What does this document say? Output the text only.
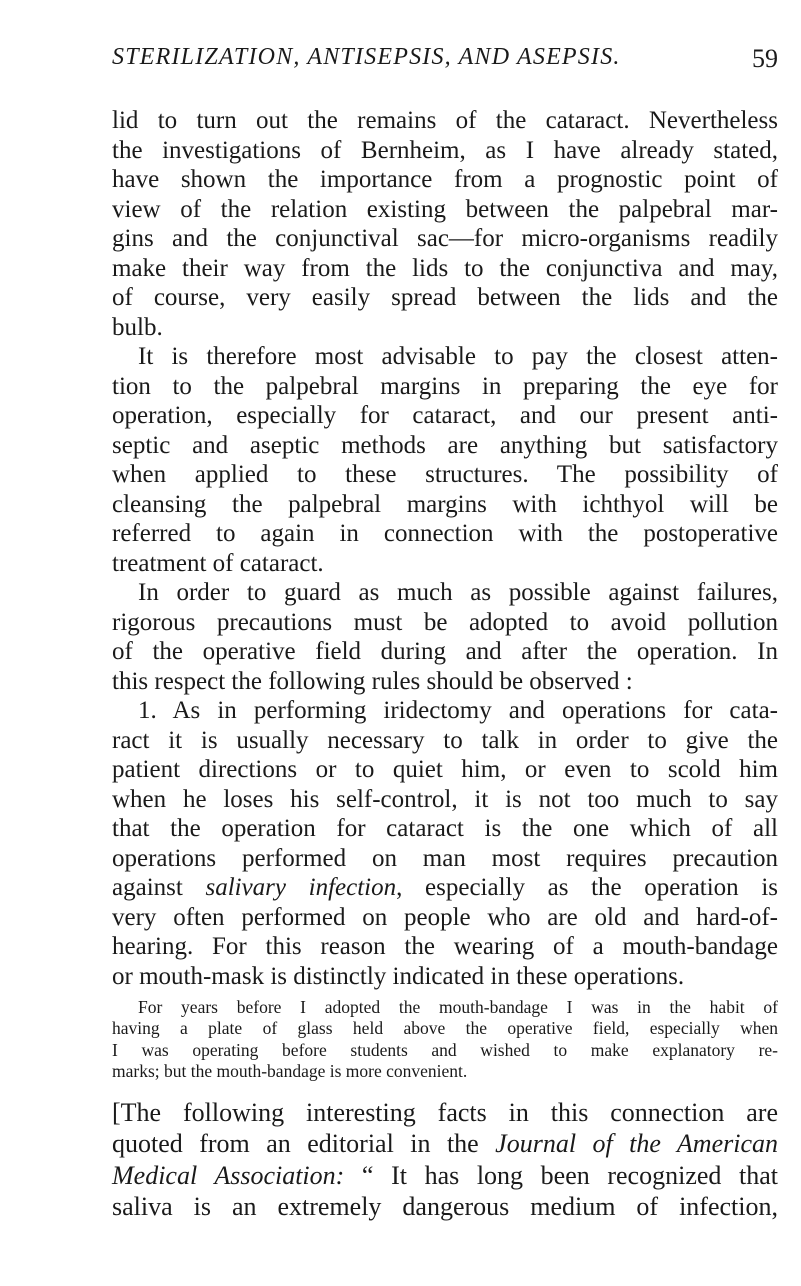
STERILIZATION, ANTISEPSIS, AND ASEPSIS.	59
lid to turn out the remains of the cataract. Nevertheless
the investigations of Bernheim, as I have already stated,
have shown the importance from a prognostic point of
view of the relation existing between the palpebral mar-
gins and the conjunctival sac—for micro-organisms readily
make their way from the lids to the conjunctiva and may,
of course, very easily spread between the lids and the
bulb.
It is therefore most advisable to pay the closest atten-
tion to the palpebral margins in preparing the eye for
operation, especially for cataract, and our present anti-
septic and aseptic methods are anything but satisfactory
when applied to these structures. The possibility of
cleansing the palpebral margins with ichthyol will be
referred to again in connection with the postoperative
treatment of cataract.
In order to guard as much as possible against failures,
rigorous precautions must be adopted to avoid pollution
of the operative field during and after the operation. In
this respect the following rules should be observed :
1. As in performing iridectomy and operations for cata-
ract it is usually necessary to talk in order to give the
patient directions or to quiet him, or even to scold him
when he loses his self-control, it is not too much to say
that the operation for cataract is the one which of all
operations performed on man most requires precaution
against salivary infection, especially as the operation is
very often performed on people who are old and hard-of-
hearing. For this reason the wearing of a mouth-bandage
or mouth-mask is distinctly indicated in these operations.
For years before I adopted the mouth-bandage I was in the habit of
having a plate of glass held above the operative field, especially when
I was operating before students and wished to make explanatory re-
marks; but the mouth-bandage is more convenient.
[The following interesting facts in this connection are
quoted from an editorial in the Journal of the American
Medical Association: “ It has long been recognized that
saliva is an extremely dangerous medium of infection,
